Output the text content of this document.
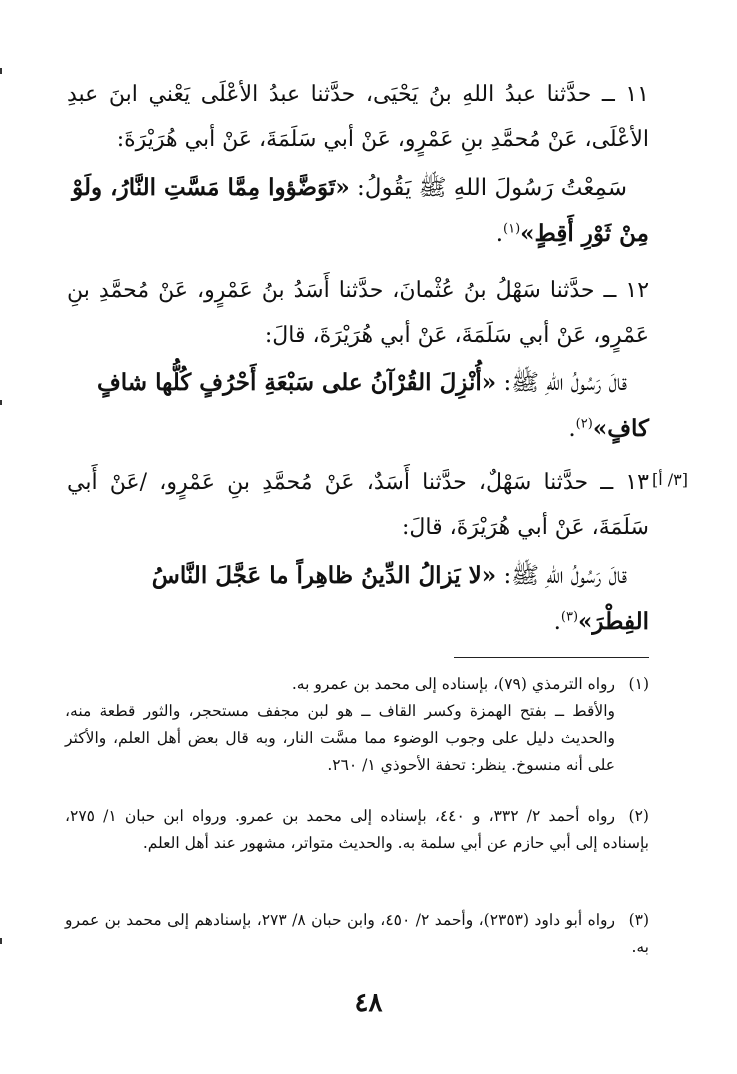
١١ ــ حدَّثنا عبدُ اللهِ بنُ يَحْيَى، حدَّثنا عبدُ الأعْلَى يَعْني ابنَ عبدِ الأعْلَى، عَنْ مُحمَّدِ بنِ عَمْرٍو، عَنْ أبي سَلَمَةَ، عَنْ أبي هُرَيْرَةَ:
سَمِعْتُ رَسُولَ اللهِ ﷺ يَقُولُ: «تَوَضَّؤوا مِمَّا مَسَّتِ النَّارُ، ولَوْ مِنْ ثَوْرِ أَقِطٍ»$^{(١)}$.
١٢ ــ حدَّثنا سَهْلُ بنُ عُثْمانَ، حدَّثنا أَسَدُ بنُ عَمْرٍو، عَنْ مُحمَّدِ بنِ عَمْرٍو، عَنْ أبي سَلَمَةَ، عَنْ أبي هُرَيْرَةَ، قالَ:
قالَ رَسُولُ اللهِ ﷺ: «أُنْزِلَ القُرْآنُ على سَبْعَةِ أَحْرُفٍ كُلُّها شافٍ كافٍ»$^{(٢)}$.
[٣/ أ]
١٣ ــ حدَّثنا سَهْلٌ، حدَّثنا أَسَدٌ، عَنْ مُحمَّدِ بنِ عَمْرٍو، /عَنْ أَبي سَلَمَةَ، عَنْ أبي هُرَيْرَةَ، قالَ:
قالَ رَسُولُ اللهِ ﷺ: «لا يَزالُ الدِّينُ ظاهِراً ما عَجَّلَ النَّاسُ الفِطْرَ»$^{(٣)}$.
(١)رواه الترمذي (٧٩)، بإسناده إلى محمد بن عمرو به.
والأقط ــ بفتح الهمزة وكسر القاف ــ هو لبن مجفف مستحجر، والثور قطعة منه، والحديث دليل على وجوب الوضوء مما مسَّت النار، وبه قال بعض أهل العلم، والأكثر على أنه منسوخ. ينظر: تحفة الأحوذي ١/ ٢٦٠.
(٢)رواه أحمد ٢/ ٣٣٢، و ٤٤٠، بإسناده إلى محمد بن عمرو. ورواه ابن حبان ١/ ٢٧٥، بإسناده إلى أبي حازم عن أبي سلمة به. والحديث متواتر، مشهور عند أهل العلم.
(٣)رواه أبو داود (٢٣٥٣)، وأحمد ٢/ ٤٥٠، وابن حبان ٨/ ٢٧٣، بإسنادهم إلى محمد بن عمرو به.
٤٨
